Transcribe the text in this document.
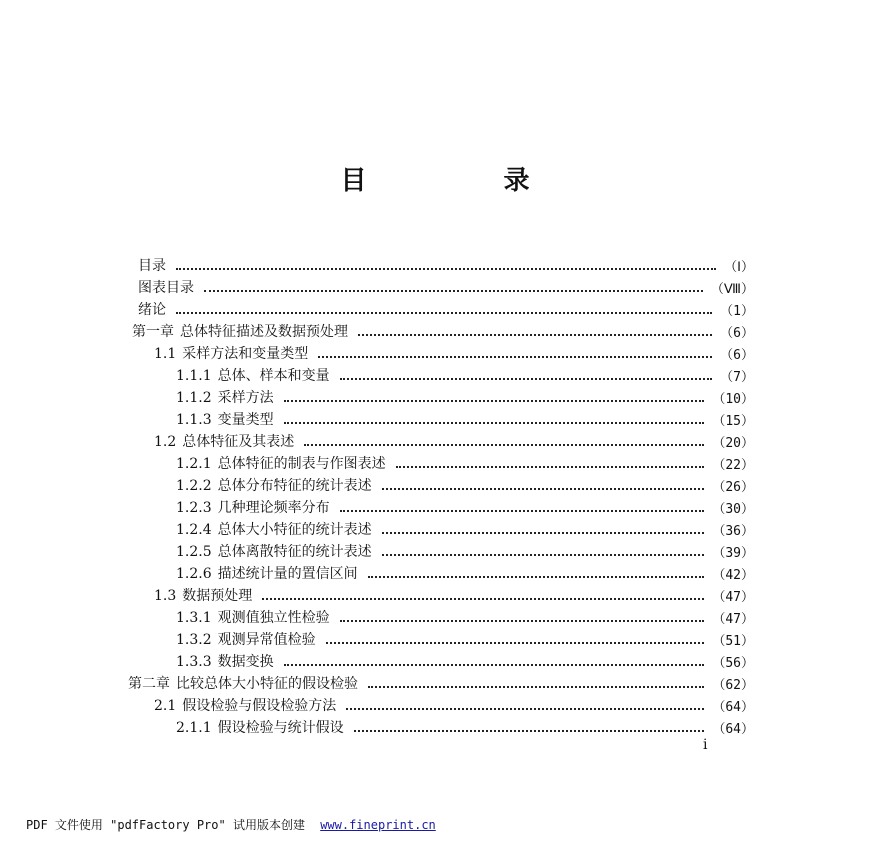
目 录
目录	（Ⅰ）
图表目录	（Ⅷ）
绪论	（1）
第一章 总体特征描述及数据预处理	（6）
1.1 采样方法和变量类型	（6）
1.1.1 总体、样本和变量	（7）
1.1.2 采样方法	（10）
1.1.3 变量类型	（15）
1.2 总体特征及其表述	（20）
1.2.1 总体特征的制表与作图表述	（22）
1.2.2 总体分布特征的统计表述	（26）
1.2.3 几种理论频率分布	（30）
1.2.4 总体大小特征的统计表述	（36）
1.2.5 总体离散特征的统计表述	（39）
1.2.6 描述统计量的置信区间	（42）
1.3 数据预处理	（47）
1.3.1 观测值独立性检验	（47）
1.3.2 观测异常值检验	（51）
1.3.3 数据变换	（56）
第二章 比较总体大小特征的假设检验	（62）
2.1 假设检验与假设检验方法	（64）
2.1.1 假设检验与统计假设	（64）
i
PDF 文件使用 "pdfFactory Pro" 试用版本创建 www.fineprint.cn
